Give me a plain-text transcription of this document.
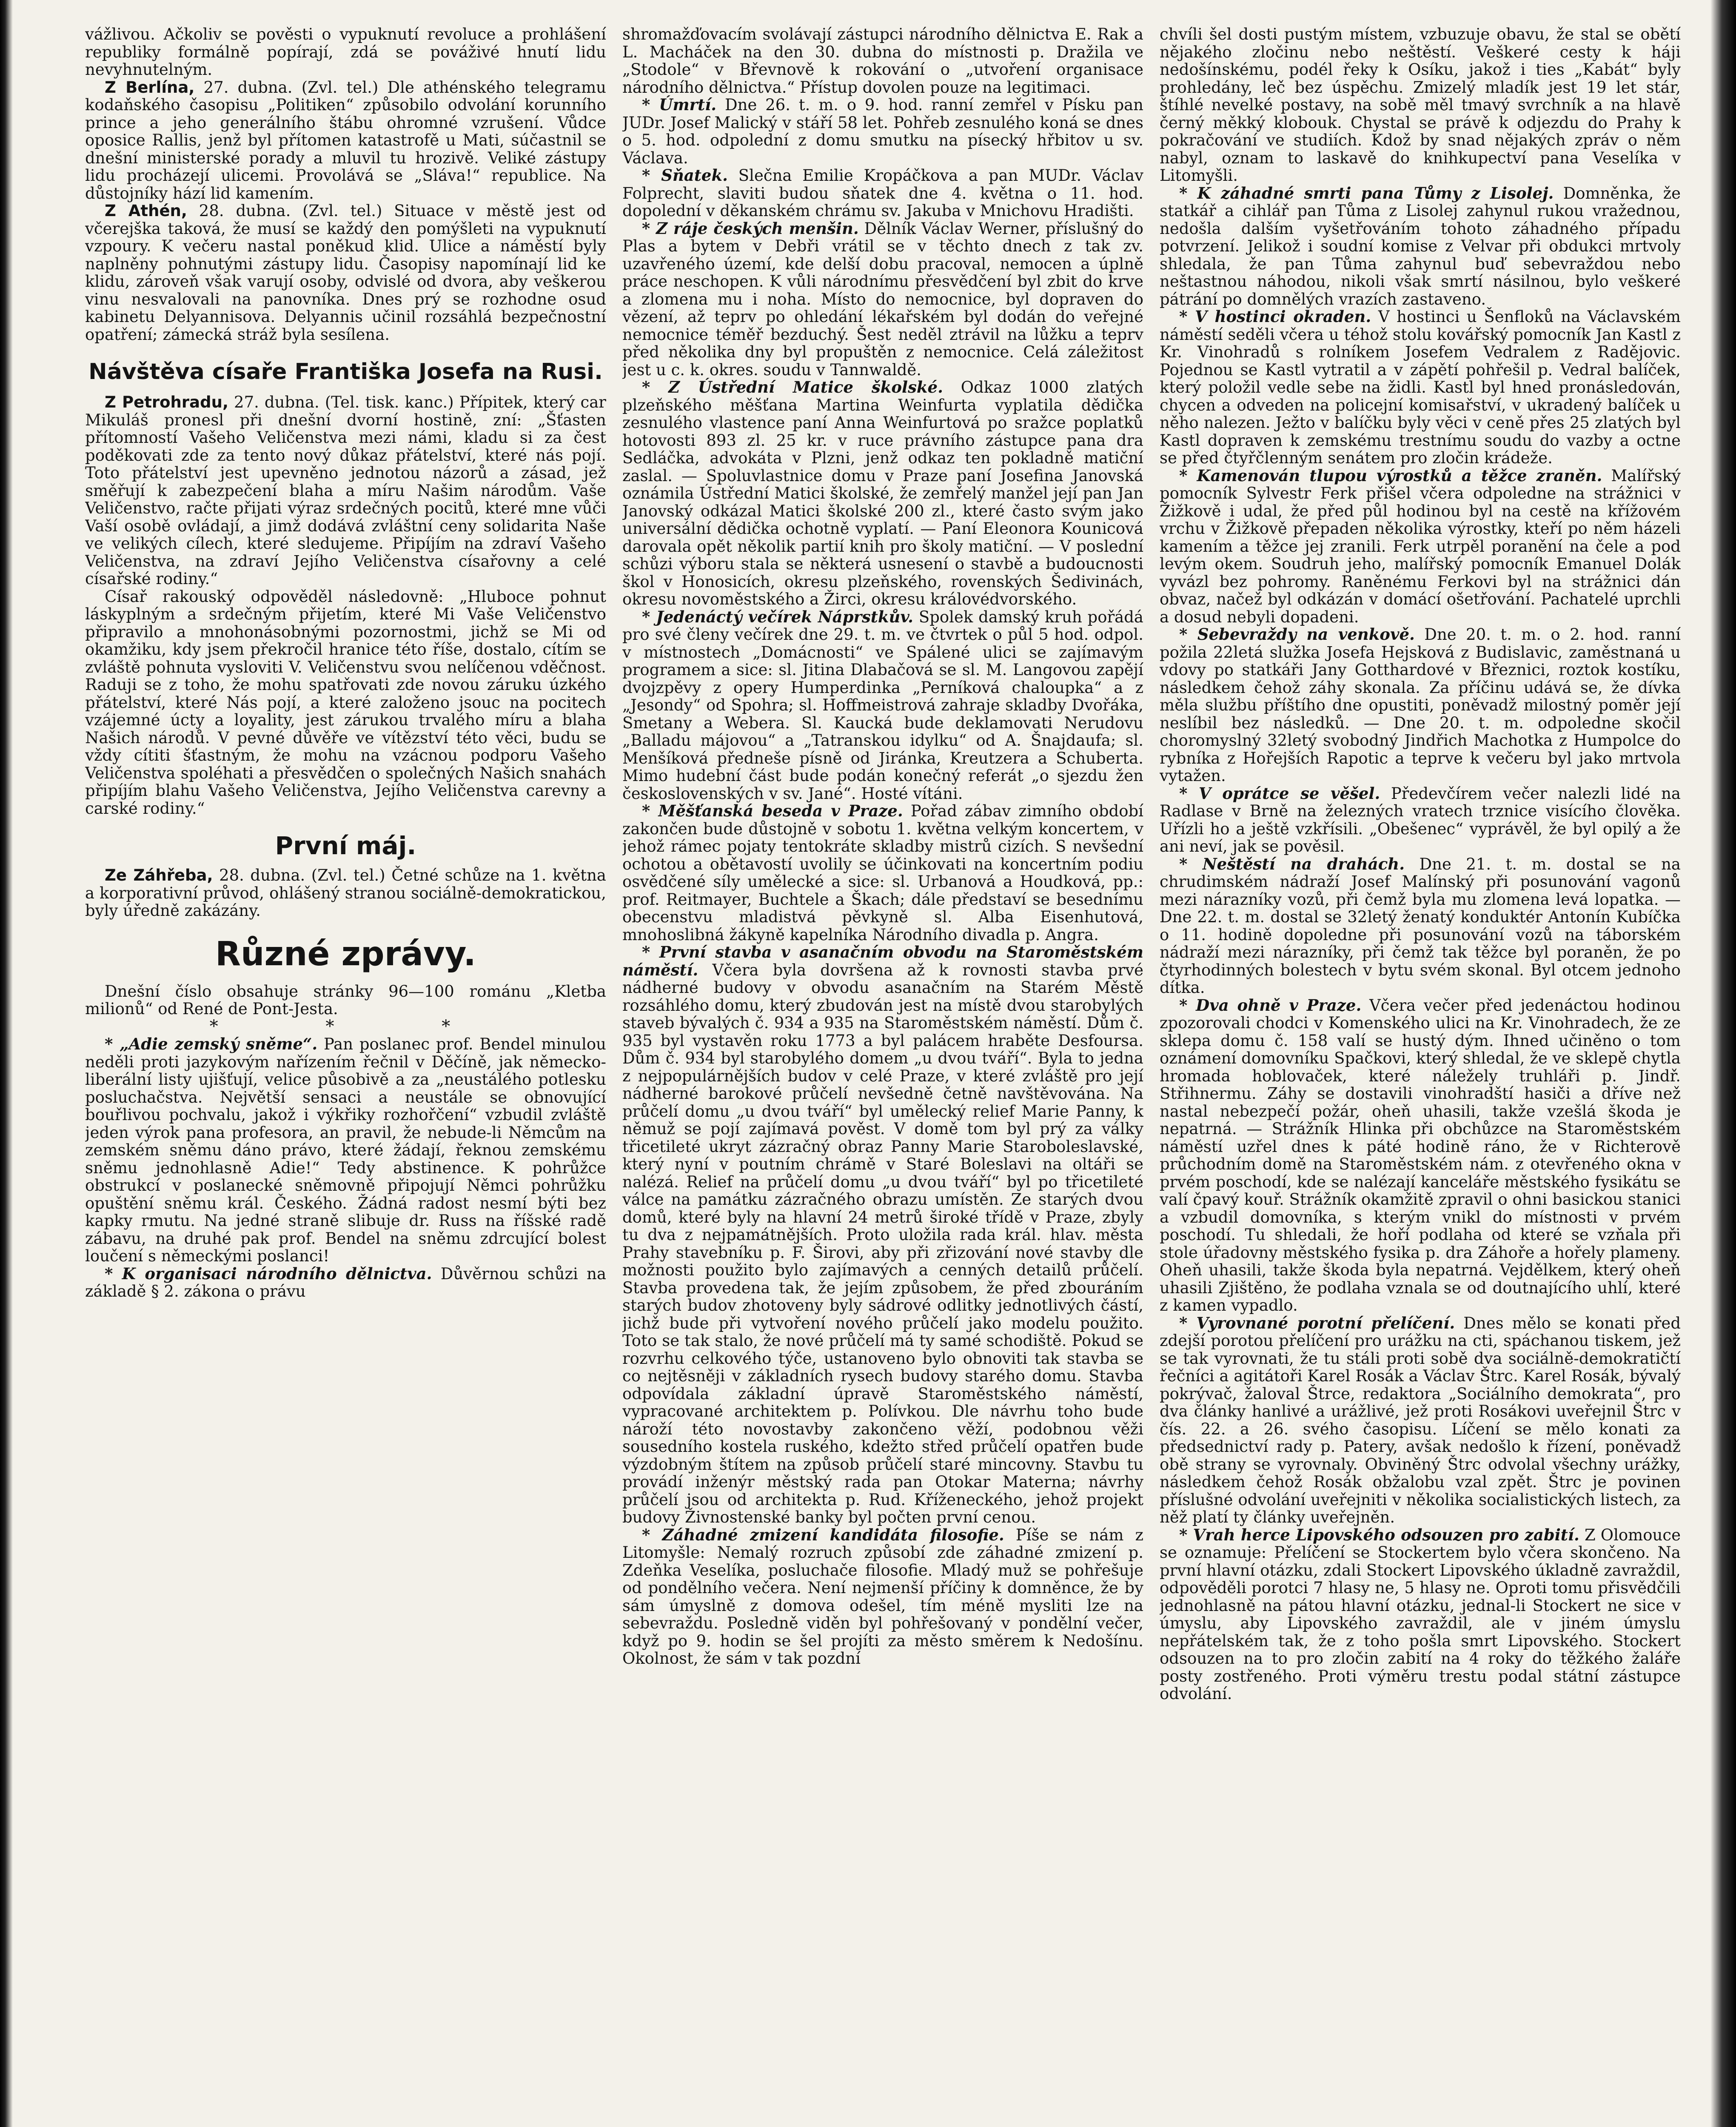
vážlivou. Ačkoliv se pověsti o vypuknutí revoluce a prohlášení republiky formálně popírají, zdá se pováživé hnutí lidu nevyhnutelným.

Z Berlína, 27. dubna. (Zvl. tel.) Dle athénského telegramu kodaňského časopisu „Politiken“ způsobilo odvolání korunního prince a jeho generálního štábu ohromné vzrušení. Vůdce oposice Rallis, jenž byl přítomen katastrofě u Mati, súčastnil se dnešní ministerské porady a mluvil tu hrozivě. Veliké zástupy lidu procházejí ulicemi. Provolává se „Sláva!“ republice. Na důstojníky hází lid kamením.

Z Athén, 28. dubna. (Zvl. tel.) Situace v městě jest od včerejška taková, že musí se každý den pomýšleti na vypuknutí vzpoury. K večeru nastal poněkud klid. Ulice a náměstí byly naplněny pohnutými zástupy lidu. Časopisy napomínají lid ke klidu, zároveň však varují osoby, odvislé od dvora, aby veškerou vinu nesvalovali na panovníka. Dnes prý se rozhodne osud kabinetu Delyannisova. Delyannis učinil rozsáhlá bezpečnostní opatření; zámecká stráž byla sesílena.

Návštěva císaře Františka Josefa na Rusi.

Z Petrohradu, 27. dubna. (Tel. tisk. kanc.) Přípitek, který car Mikuláš pronesl při dnešní dvorní hostině, zní: „Šťasten přítomností Vašeho Veličenstva mezi námi, kladu si za čest poděkovati zde za tento nový důkaz přátelství, které nás pojí. Toto přátelství jest upevněno jednotou názorů a zásad, jež směřují k zabezpečení blaha a míru Našim národům. Vaše Veličenstvo, račte přijati výraz srdečných pocitů, které mne vůči Vaší osobě ovládají, a jimž dodává zvláštní ceny solidarita Naše ve velikých cílech, které sledujeme. Připíjím na zdraví Vašeho Veličenstva, na zdraví Jejího Veličenstva císařovny a celé císařské rodiny.“

Císař rakouský odpověděl následovně: „Hluboce pohnut láskyplným a srdečným přijetím, které Mi Vaše Veličenstvo připravilo a mnohonásobnými pozornostmi, jichž se Mi od okamžiku, kdy jsem překročil hranice této říše, dostalo, cítím se zvláště pohnuta vysloviti V. Veličenstvu svou nelíčenou vděčnost. Raduji se z toho, že mohu spatřovati zde novou záruku úzkého přátelství, které Nás pojí, a které založeno jsouc na pocitech vzájemné úcty a loyality, jest zárukou trvalého míru a blaha Našich národů. V pevné důvěře ve vítězství této věci, budu se vždy cítiti šťastným, že mohu na vzácnou podporu Vašeho Veličenstva spoléhati a přesvědčen o společných Našich snahách připíjím blahu Vašeho Veličenstva, Jejího Veličenstva carevny a carské rodiny.“

První máj.

Ze Záhřeba, 28. dubna. (Zvl. tel.) Četné schůze na 1. května a korporativní průvod, ohlášený stranou sociálně-demokratickou, byly úředně zakázány.

Různé zprávy.

Dnešní číslo obsahuje stránky 96—100 románu „Kletba milionů“ od René de Pont-Jesta.

* * *

* „Adie zemský sněme“. Pan poslanec prof. Bendel minulou neděli proti jazykovým nařízením řečnil v Děčíně, jak německo-liberální listy ujišťují, velice působivě a za „neustálého potlesku posluchačstva. Největší sensaci a neustále se obnovující bouřlivou pochvalu, jakož i výkřiky rozhořčení“ vzbudil zvláště jeden výrok pana profesora, an pravil, že nebude-li Němcům na zemském sněmu dáno právo, které žádají, řeknou zemskému sněmu jednohlasně Adie!“ Tedy abstinence. K pohrůžce obstrukcí v poslanecké sněmovně připojují Němci pohrůžku opuštění sněmu král. Českého. Žádná radost nesmí býti bez kapky rmutu. Na jedné straně slibuje dr. Russ na říšské radě zábavu, na druhé pak prof. Bendel na sněmu zdrcující bolest loučení s německými poslanci!

* K organisaci národního dělnictva. Důvěrnou schůzi na základě § 2. zákona o právu

shromažďovacím svolávají zástupci národního dělnictva E. Rak a L. Macháček na den 30. dubna do místnosti p. Dražila ve „Stodole“ v Břevnově k rokování o „utvoření organisace národního dělnictva.“ Přístup dovolen pouze na legitimaci.

* Úmrtí. Dne 26. t. m. o 9. hod. ranní zemřel v Písku pan JUDr. Josef Malický v stáří 58 let. Pohřeb zesnulého koná se dnes o 5. hod. odpolední z domu smutku na písecký hřbitov u sv. Václava.

* Sňatek. Slečna Emilie Kropáčkova a pan MUDr. Václav Folprecht, slaviti budou sňatek dne 4. května o 11. hod. dopolední v děkanském chrámu sv. Jakuba v Mnichovu Hradišti.

* Z ráje českých menšin. Dělník Václav Werner, příslušný do Plas a bytem v Debři vrátil se v těchto dnech z tak zv. uzavřeného území, kde delší dobu pracoval, nemocen a úplně práce neschopen. K vůli národnímu přesvědčení byl zbit do krve a zlomena mu i noha. Místo do nemocnice, byl dopraven do vězení, až teprv po ohledání lékařském byl dodán do veřejné nemocnice téměř bezduchý. Šest neděl ztrávil na lůžku a teprv před několika dny byl propuštěn z nemocnice. Celá záležitost jest u c. k. okres. soudu v Tannwaldě.

* Z Ústřední Matice školské. Odkaz 1000 zlatých plzeňského měšťana Martina Weinfurta vyplatila dědička zesnulého vlastence paní Anna Weinfurtová po sražce poplatků hotovosti 893 zl. 25 kr. v ruce právního zástupce pana dra Sedláčka, advokáta v Plzni, jenž odkaz ten pokladně matiční zaslal. — Spoluvlastnice domu v Praze paní Josefina Janovská oznámila Ústřední Matici školské, že zemřelý manžel její pan Jan Janovský odkázal Matici školské 200 zl., které často svým jako universální dědička ochotně vyplatí. — Paní Eleonora Kounicová darovala opět několik partií knih pro školy matiční. — V poslední schůzi výboru stala se některá usnesení o stavbě a budoucnosti škol v Honosicích, okresu plzeňského, rovenských Šedivinách, okresu novoměstského a Žirci, okresu královédvorského.

* Jedenáctý večírek Náprstkův. Spolek damský kruh pořádá pro své členy večírek dne 29. t. m. ve čtvrtek o půl 5 hod. odpol. v místnostech „Domácnosti“ ve Spálené ulici se zajímavým programem a sice: sl. Jitina Dlabačová se sl. M. Langovou zapějí dvojzpěvy z opery Humperdinka „Perníková chaloupka“ a z „Jesondy“ od Spohra; sl. Hoffmeistrová zahraje skladby Dvořáka, Smetany a Webera. Sl. Kaucká bude deklamovati Nerudovu „Balladu májovou“ a „Tatranskou idylku“ od A. Šnajdaufa; sl. Menšíková předneše písně od Jiránka, Kreutzera a Schuberta. Mimo hudební část bude podán konečný referát „o sjezdu žen československých v sv. Jané“. Hosté vítáni.

* Měšťanská beseda v Praze. Pořad zábav zimního období zakončen bude důstojně v sobotu 1. května velkým koncertem, v jehož rámec pojaty tentokráte skladby mistrů cizích. S nevšední ochotou a obětavostí uvolily se účinkovati na koncertním podiu osvědčené síly umělecké a sice: sl. Urbanová a Houdková, pp.: prof. Reitmayer, Buchtele a Škach; dále představí se besednímu obecenstvu mladistvá pěvkyně sl. Alba Eisenhutová, mnohoslibná žákyně kapelníka Národního divadla p. Angra.

* První stavba v asanačním obvodu na Staroměstském náměstí. Včera byla dovršena až k rovnosti stavba prvé nádherné budovy v obvodu asanačním na Starém Městě rozsáhlého domu, který zbudován jest na místě dvou starobylých staveb bývalých č. 934 a 935 na Staroměstském náměstí. Dům č. 935 byl vystavěn roku 1773 a byl palácem hraběte Desfoursa. Dům č. 934 byl starobylého domem „u dvou tváří“. Byla to jedna z nejpopulárnějších budov v celé Praze, v které zvláště pro její nádherné barokové průčelí nevšedně četně navštěvována. Na průčelí domu „u dvou tváří“ byl umělecký relief Marie Panny, k němuž se pojí zajímavá pověst. V domě tom byl prý za války třicetileté ukryt zázračný obraz Panny Marie Staroboleslavské, který nyní v poutním chrámě v Staré Boleslavi na oltáři se nalézá. Relief na průčelí domu „u dvou tváří“ byl po třicetileté válce na památku zázračného obrazu umístěn. Ze starých dvou domů, které byly na hlavní 24 metrů široké třídě v Praze, zbyly tu dva z nejpamátnějších. Proto uložila rada král. hlav. města Prahy stavebníku p. F. Širovi, aby při zřizování nové stavby dle možnosti použito bylo zajímavých a cenných detailů průčelí. Stavba provedena tak, že jejím způsobem, že před zbouráním starých budov zhotoveny byly sádrové odlitky jednotlivých částí, jichž bude při vytvoření nového průčelí jako modelu použito. Toto se tak stalo, že nové průčelí má ty samé schodiště. Pokud se rozvrhu celkového týče, ustanoveno bylo obnoviti tak stavba se co nejtěsněji v základních rysech budovy starého domu. Stavba odpovídala základní úpravě Staroměstského náměstí, vypracované architektem p. Polívkou. Dle návrhu toho bude nároží této novostavby zakončeno věží, podobnou věži sousedního kostela ruského, kdežto střed průčelí opatřen bude výzdobným štítem na způsob průčelí staré mincovny. Stavbu tu provádí inženýr městský rada pan Otokar Materna; návrhy průčelí jsou od architekta p. Rud. Kříženeckého, jehož projekt budovy Živnostenské banky byl počten první cenou.

* Záhadné zmizení kandidáta filosofie. Píše se nám z Litomyšle: Nemalý rozruch způsobí zde záhadné zmizení p. Zdeňka Veselíka, posluchače filosofie. Mladý muž se pohřešuje od pondělního večera. Není nejmenší příčiny k domněnce, že by sám úmyslně z domova odešel, tím méně mysliti lze na sebevraždu. Posledně viděn byl pohřešovaný v pondělní večer, když po 9. hodin se šel projíti za město směrem k Nedošínu. Okolnost, že sám v tak pozdní

chvíli šel dosti pustým místem, vzbuzuje obavu, že stal se obětí nějakého zločinu nebo neštěstí. Veškeré cesty k háji nedošínskému, podél řeky k Osíku, jakož i ties „Kabát“ byly prohledány, leč bez úspěchu. Zmizelý mladík jest 19 let stár, štíhlé nevelké postavy, na sobě měl tmavý svrchník a na hlavě černý měkký klobouk. Chystal se právě k odjezdu do Prahy k pokračování ve studiích. Kdož by snad nějakých zpráv o něm nabyl, oznam to laskavě do knihkupectví pana Veselíka v Litomyšli.

* K záhadné smrti pana Tůmy z Lisolej. Domněnka, že statkář a cihlář pan Tůma z Lisolej zahynul rukou vražednou, nedošla dalším vyšetřováním tohoto záhadného případu potvrzení. Jelikož i soudní komise z Velvar při obdukci mrtvoly shledala, že pan Tůma zahynul buď sebevraždou nebo neštastnou náhodou, nikoli však smrtí násilnou, bylo veškeré pátrání po domnělých vrazích zastaveno.

* V hostinci okraden. V hostinci u Šenfloků na Václavském náměstí seděli včera u téhož stolu kovářský pomocník Jan Kastl z Kr. Vinohradů s rolníkem Josefem Vedralem z Radějovic. Pojednou se Kastl vytratil a v zápětí pohřešil p. Vedral balíček, který položil vedle sebe na židli. Kastl byl hned pronásledován, chycen a odveden na policejní komisařství, v ukradený balíček u něho nalezen. Ježto v balíčku byly věci v ceně přes 25 zlatých byl Kastl dopraven k zemskému trestnímu soudu do vazby a octne se před čtyřčlenným senátem pro zločin krádeže.

* Kamenován tlupou výrostků a těžce zraněn. Malířský pomocník Sylvestr Ferk přišel včera odpoledne na strážnici v Žižkově i udal, že před půl hodinou byl na cestě na křížovém vrchu v Žižkově přepaden několika výrostky, kteří po něm házeli kamením a těžce jej zranili. Ferk utrpěl poranění na čele a pod levým okem. Soudruh jeho, malířský pomocník Emanuel Dolák vyvázl bez pohromy. Raněnému Ferkovi byl na strážnici dán obvaz, načež byl odkázán v domácí ošetřování. Pachatelé uprchli a dosud nebyli dopadeni.

* Sebevraždy na venkově. Dne 20. t. m. o 2. hod. ranní požila 22letá služka Josefa Hejsková z Budislavic, zaměstnaná u vdovy po statkáři Jany Gotthardové v Březnici, roztok kostíku, následkem čehož záhy skonala. Za příčinu udává se, že dívka měla službu příštího dne opustiti, poněvadž milostný poměr její neslíbil bez následků. — Dne 20. t. m. odpoledne skočil choromyslný 32letý svobodný Jindřich Machotka z Humpolce do rybníka z Hořejších Rapotic a teprve k večeru byl jako mrtvola vytažen.

* V oprátce se věšel. Předevčírem večer nalezli lidé na Radlase v Brně na železných vratech trznice visícího člověka. Uřízli ho a ještě vzkřísili. „Obešenec“ vyprávěl, že byl opilý a že ani neví, jak se pověsil.

* Neštěstí na drahách. Dne 21. t. m. dostal se na chrudimském nádraží Josef Malínský při posunování vagonů mezi nárazníky vozů, při čemž byla mu zlomena levá lopatka. — Dne 22. t. m. dostal se 32letý ženatý konduktér Antonín Kubíčka o 11. hodině dopoledne při posunování vozů na táborském nádraží mezi nárazníky, při čemž tak těžce byl poraněn, že po čtyrhodinných bolestech v bytu svém skonal. Byl otcem jednoho dítka.

* Dva ohně v Praze. Včera večer před jedenáctou hodinou zpozorovali chodci v Komenského ulici na Kr. Vinohradech, že ze sklepa domu č. 158 valí se hustý dým. Ihned učiněno o tom oznámení domovníku Spačkovi, který shledal, že ve sklepě chytla hromada hoblovaček, které náležely truhláři p. Jindř. Střihnermu. Záhy se dostavili vinohradští hasiči a dříve než nastal nebezpečí požár, oheň uhasili, takže vzešlá škoda je nepatrná. — Strážník Hlinka při obchůzce na Staroměstském náměstí uzřel dnes k páté hodině ráno, že v Richterově průchodním domě na Staroměstském nám. z otevřeného okna v prvém poschodí, kde se nalézají kanceláře městského fysikátu se valí čpavý kouř. Strážník okamžitě zpravil o ohni basickou stanici a vzbudil domovníka, s kterým vnikl do místnosti v prvém poschodí. Tu shledali, že hoří podlaha od které se vzňala při stole úřadovny městského fysika p. dra Záhoře a hořely plameny. Oheň uhasili, takže škoda byla nepatrná. Vejdělkem, který oheň uhasili Zjištěno, že podlaha vznala se od doutnajícího uhlí, které z kamen vypadlo.

* Vyrovnané porotní přelíčení. Dnes mělo se konati před zdejší porotou přelíčení pro urážku na cti, spáchanou tiskem, jež se tak vyrovnati, že tu stáli proti sobě dva sociálně-demokratičtí řečníci a agitátoři Karel Rosák a Václav Štrc. Karel Rosák, bývalý pokrývač, žaloval Štrce, redaktora „Sociálního demokrata“, pro dva články hanlivé a urážlivé, jež proti Rosákovi uveřejnil Štrc v čís. 22. a 26. svého časopisu. Líčení se mělo konati za předsednictví rady p. Patery, avšak nedošlo k řízení, poněvadž obě strany se vyrovnaly. Obviněný Štrc odvolal všechny urážky, následkem čehož Rosák obžalobu vzal zpět. Štrc je povinen příslušné odvolání uveřejniti v několika socialistických listech, za něž platí ty články uveřejněn.

* Vrah herce Lipovského odsouzen pro zabití. Z Olomouce se oznamuje: Přelíčení se Stockertem bylo včera skončeno. Na první hlavní otázku, zdali Stockert Lipovského úkladně zavraždil, odpověděli porotci 7 hlasy ne, 5 hlasy ne. Oproti tomu přisvědčili jednohlasně na pátou hlavní otázku, jednal-li Stockert ne sice v úmyslu, aby Lipovského zavraždil, ale v jiném úmyslu nepřátelském tak, že z toho pošla smrt Lipovského. Stockert odsouzen na to pro zločin zabití na 4 roky do těžkého žaláře posty zostřeného. Proti výměru trestu podal státní zástupce odvolání.
